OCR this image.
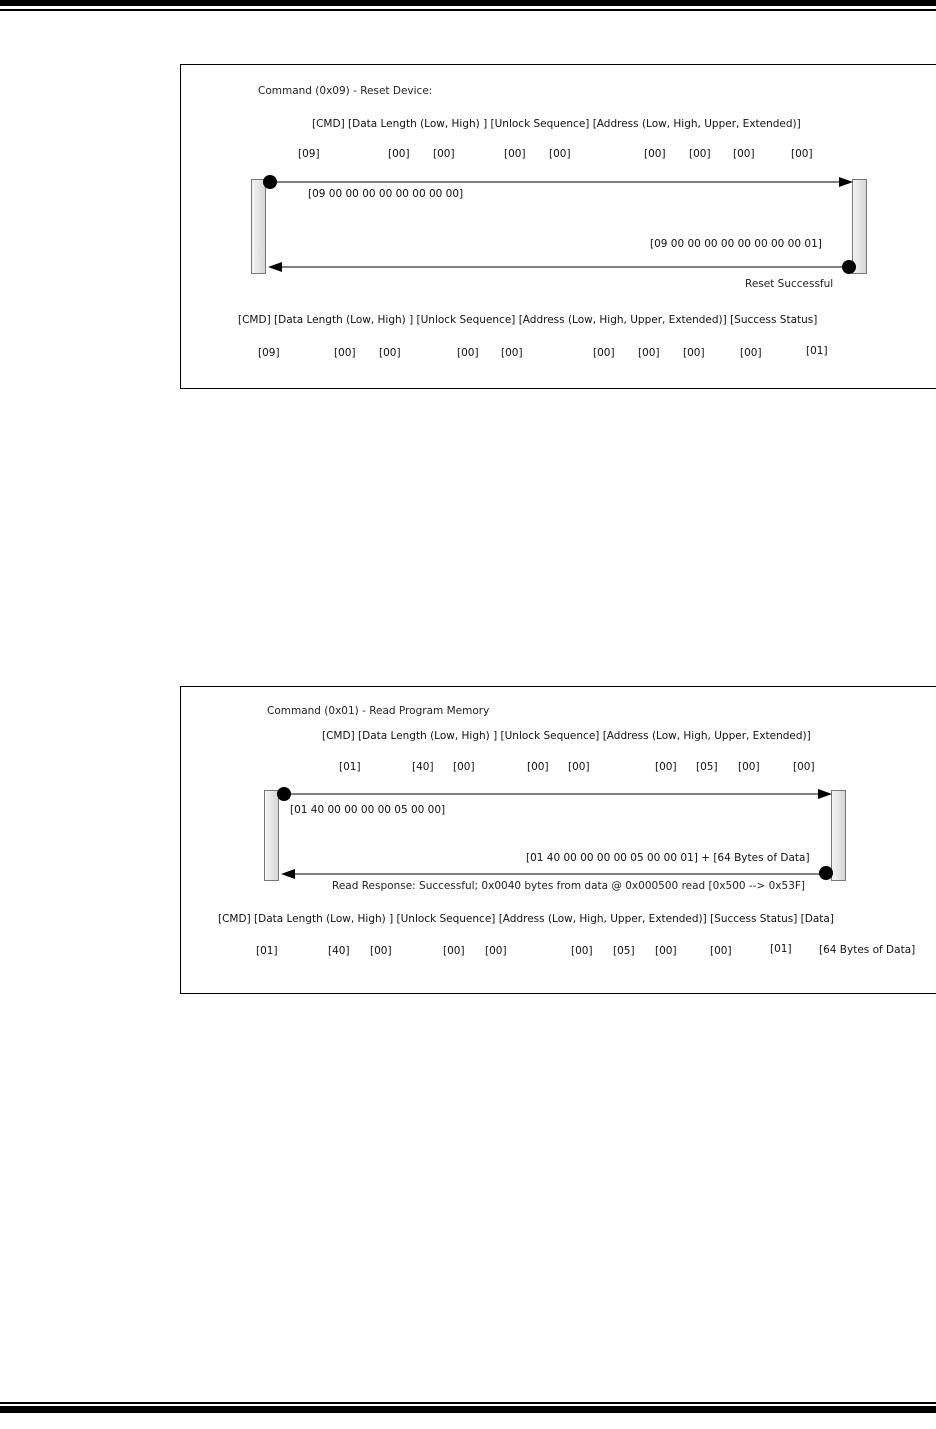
Command (0x09) - Reset Device:
[CMD] [Data Length (Low, High) ] [Unlock Sequence] [Address (Low, High, Upper, Extended)]
[09]	[00] [00]	[00] [00]	[00] [00] [00]	[00]
[09 00 00 00 00 00 00 00 00]
[09 00 00 00 00 00 00 00 00 01]
Reset Successful
[CMD] [Data Length (Low, High) ] [Unlock Sequence] [Address (Low, High, Upper, Extended)] [Success Status]
[09]	[00] [00]	[00] [00]	[00] [00] [00]	[00]	[01]
Command (0x01) - Read Program Memory
[CMD] [Data Length (Low, High) ] [Unlock Sequence] [Address (Low, High, Upper, Extended)]
[01]	[40] [00]	[00] [00]	[00] [05] [00]	[00]
[01 40 00 00 00 00 05 00 00]
[01 40 00 00 00 00 05 00 00 01] + [64 Bytes of Data]
Read Response: Successful; 0x0040 bytes from data @ 0x000500 read [0x500 --> 0x53F]
[CMD] [Data Length (Low, High) ] [Unlock Sequence] [Address (Low, High, Upper, Extended)] [Success Status] [Data]
[01]	[40] [00]	[00] [00]	[00] [05] [00]	[00]	[01]	[64 Bytes of Data]
